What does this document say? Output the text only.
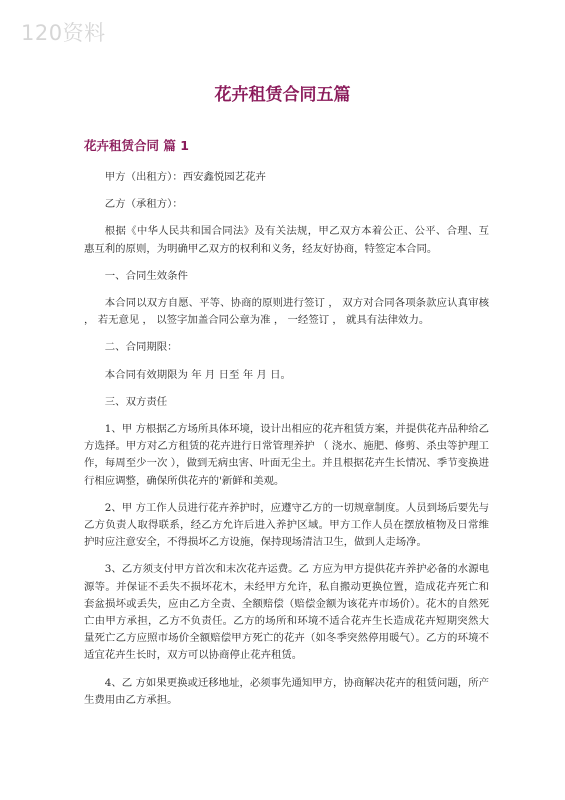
120资料
花卉租赁合同五篇
花卉租赁合同 篇 1

甲方（出租方）：西安鑫悦园艺花卉

乙方（承租方）：

根据《中华人民共和国合同法》及有关法规，甲乙双方本着公正、公平、合理、互惠互利的原则，为明确甲乙双方的权利和义务，经友好协商，特签定本合同。

一、合同生效条件

本合同以双方自愿、平等、协商的原则进行签订 ， 双方对合同各项条款应认真审核 ， 若无意见 ， 以签字加盖合同公章为准 ， 一经签订 ， 就具有法律效力。

二、合同期限：

本合同有效期限为 年 月 日至 年 月 日。

三、双方责任

1、甲 方根据乙方场所具体环境，设计出相应的花卉租赁方案，并提供花卉品种给乙方选择。甲方对乙方租赁的花卉进行日常管理养护 （ 浇水、施肥、修剪、杀虫等护理工作，每周至少一次 ），做到无病虫害、叶面无尘土。并且根据花卉生长情况、季节变换进行相应调整，确保所供花卉的'新鲜和美观。

2、甲 方工作人员进行花卉养护时，应遵守乙方的一切规章制度。人员到场后要先与乙方负责人取得联系，经乙方允许后进入养护区域。甲方工作人员在摆放植物及日常维护时应注意安全，不得损坏乙方设施，保持现场清洁卫生，做到人走场净。

3、乙方须支付甲方首次和末次花卉运费。乙 方应为甲方提供花卉养护必备的水源电源等。并保证不丢失不损坏花木，未经甲方允许，私自搬动更换位置，造成花卉死亡和套盆损坏或丢失，应由乙方全责、全额赔偿（赔偿金额为该花卉市场价）。花木的自然死亡由甲方承担，乙方不负责任。乙方的场所和环境不适合花卉生长造成花卉短期突然大量死亡乙方应照市场价全额赔偿甲方死亡的花卉（如冬季突然停用暖气）。乙方的环境不适宜花卉生长时，双方可以协商停止花卉租赁。

4、乙 方如果更换或迁移地址，必须事先通知甲方，协商解决花卉的租赁问题，所产生费用由乙方承担。
